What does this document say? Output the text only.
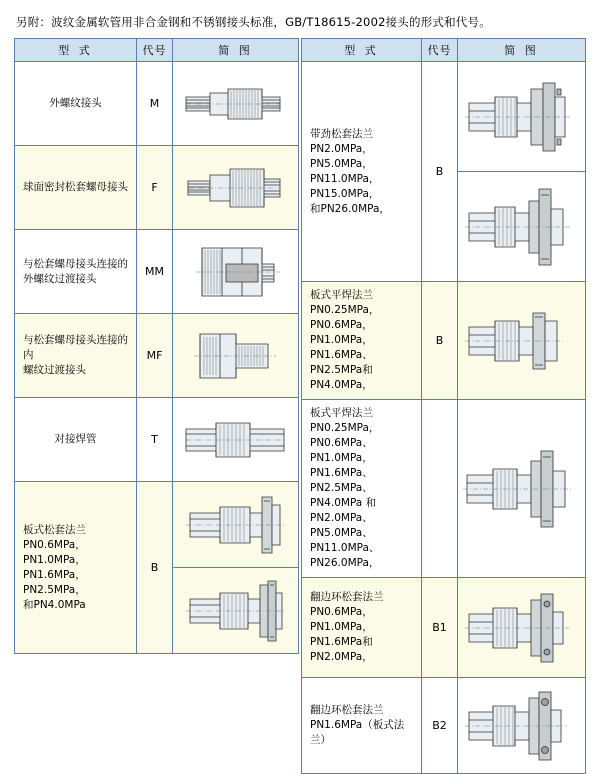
另附：波纹金属软管用非合金钢和不锈钢接头标准，GB/T18615-2002接头的形式和代号。
型 式	代号	简 图

外螺纹接头	M	

球面密封松套螺母接头	F	

与松套螺母接头连接的
外螺纹过渡接头	MM	

与松套螺母接头连接的内
螺纹过渡接头	MF	

对接焊管	T	

板式松套法兰
PN0.6MPa，PN1.0MPa，
PN1.6MPa，PN2.5MPa，
和PN4.0MPa	B	
型 式	代号	简 图

带劲松套法兰
PN2.0MPa，PN5.0MPa，
PN11.0MPa，PN15.0MPa，
和PN26.0MPa，	B	

板式平焊法兰
PN0.25MPa，PN0.6MPa，
PN1.0MPa，PN1.6MPa、
PN2.5MPa和PN4.0MPa，	B	

板式平焊法兰
PN0.25MPa，PN0.6MPa、
PN1.0MPa，PN1.6MPa、
PN2.5MPa、PN4.0MPa 和
PN2.0MPa、PN5.0MPa、
PN11.0MPa、PN26.0MPa，

翻边环松套法兰
PN0.6MPa，PN1.0MPa，
PN1.6MPa和PN2.0MPa，	B1	

翻边环松套法兰
PN1.6MPa（板式法兰）	B2	
